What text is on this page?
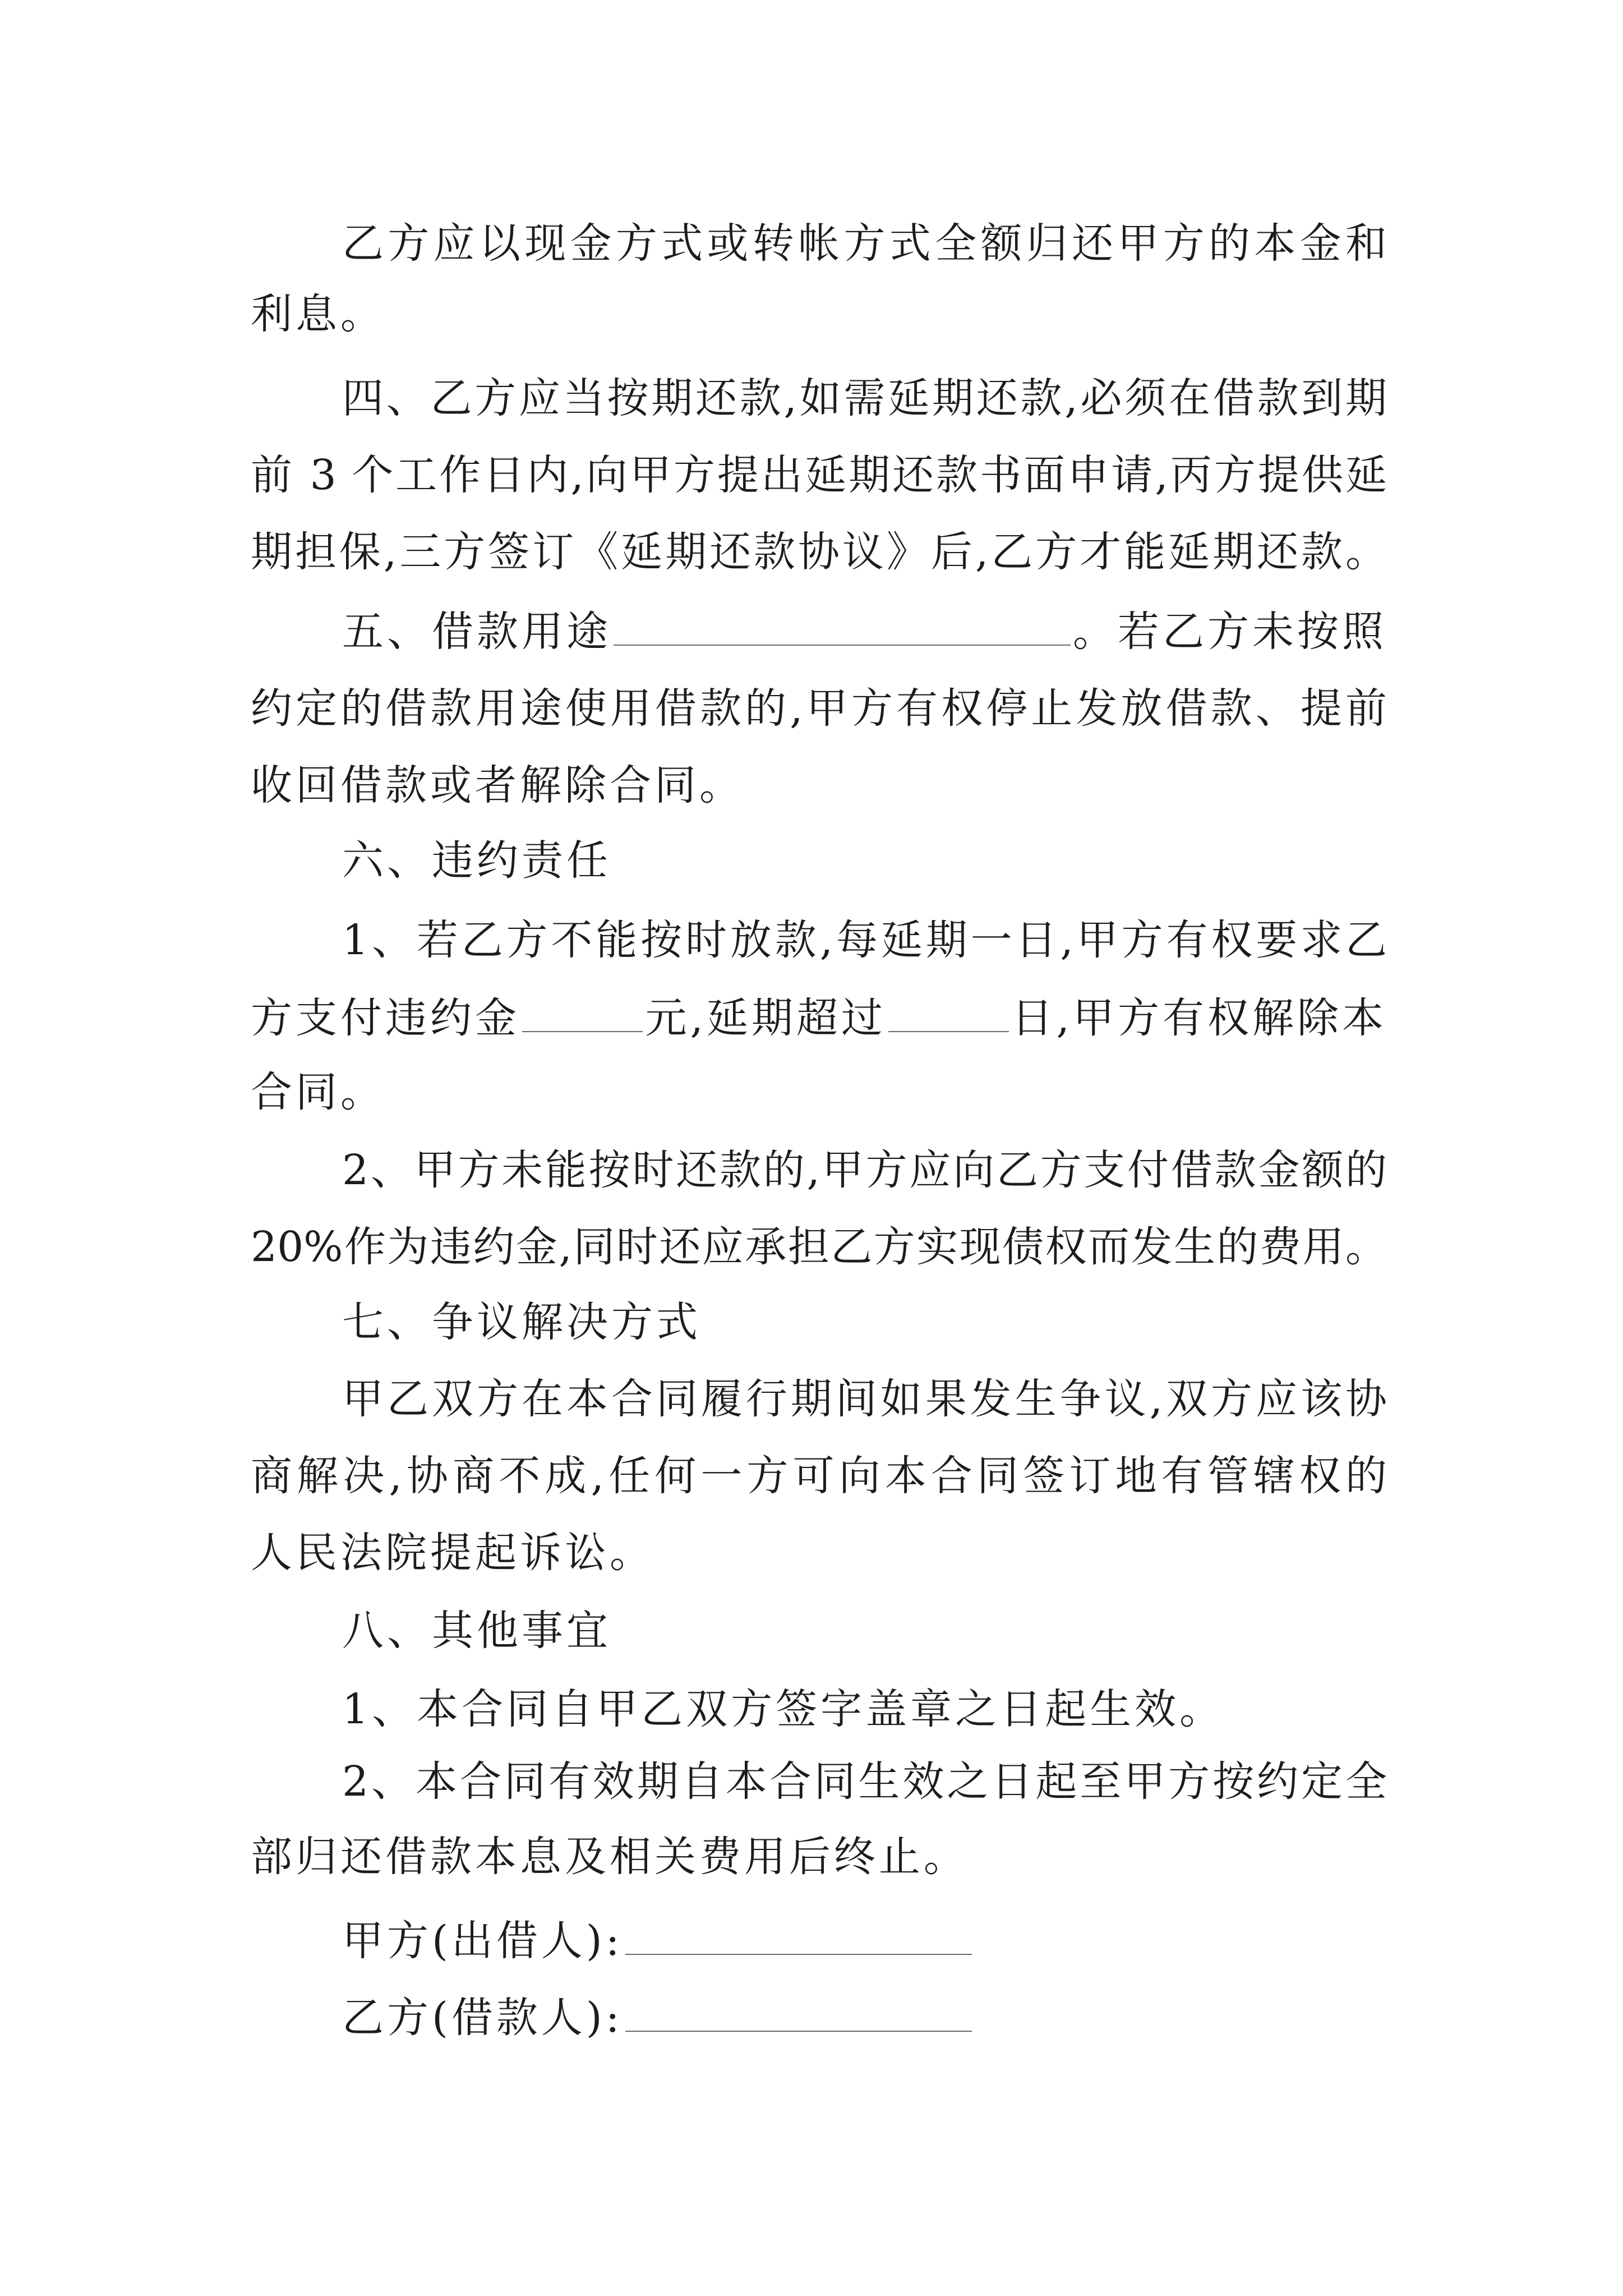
乙方应以现金方式或转帐方式全额归还甲方的本金和
利息。
四、乙方应当按期还款,如需延期还款,必须在借款到期
前 3 个工作日内,向甲方提出延期还款书面申请,丙方提供延
期担保,三方签订《延期还款协议》后,乙方才能延期还款。
五、借款用途	。若乙方未按照
约定的借款用途使用借款的,甲方有权停止发放借款、提前
收回借款或者解除合同。
六、违约责任
1、若乙方不能按时放款,每延期一日,甲方有权要求乙
方支付违约金	元,延期超过	日,甲方有权解除本
合同。
2、甲方未能按时还款的,甲方应向乙方支付借款金额的
20%作为违约金,同时还应承担乙方实现债权而发生的费用。
七、争议解决方式
甲乙双方在本合同履行期间如果发生争议,双方应该协
商解决,协商不成,任何一方可向本合同签订地有管辖权的
人民法院提起诉讼。
八、其他事宜
1、本合同自甲乙双方签字盖章之日起生效。
2、本合同有效期自本合同生效之日起至甲方按约定全
部归还借款本息及相关费用后终止。
甲方(出借人):
乙方(借款人):
